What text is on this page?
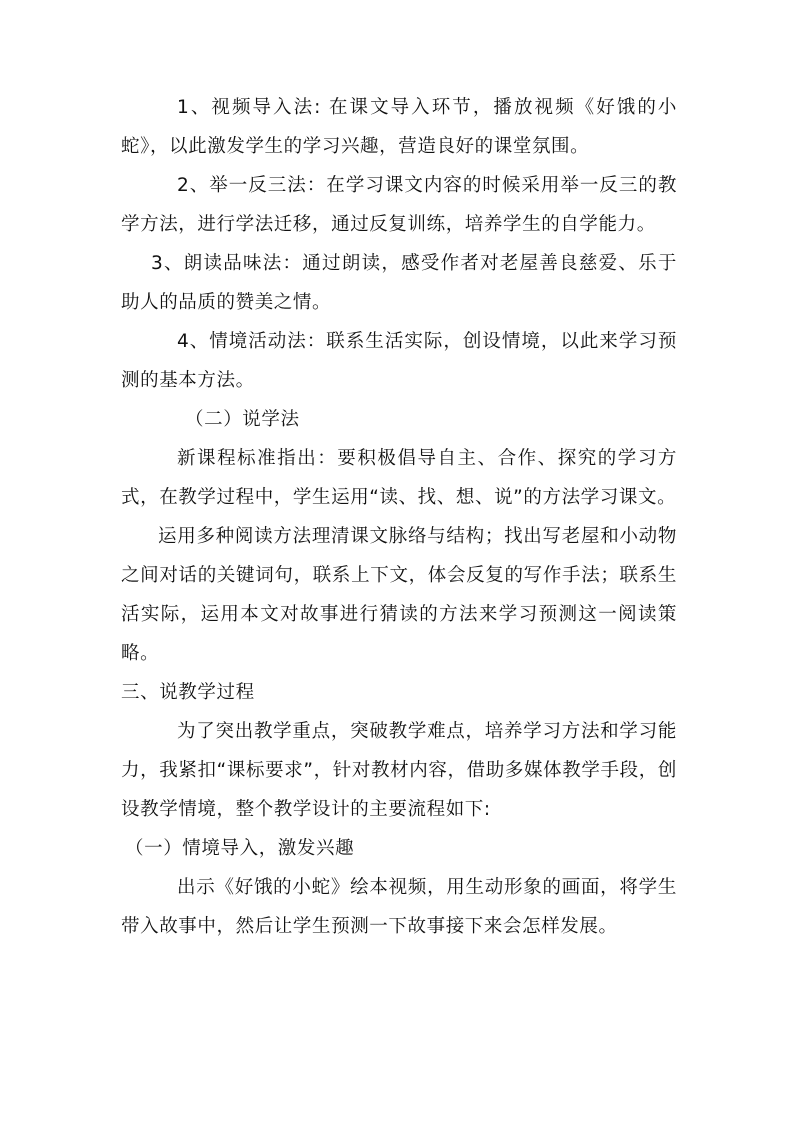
1、视频导入法: 在课文导入环节，播放视频《好饿的小蛇》，以此激发学生的学习兴趣，营造良好的课堂氛围。

2、举一反三法：在学习课文内容的时候采用举一反三的教学方法，进行学法迁移，通过反复训练，培养学生的自学能力。

3、朗读品味法：通过朗读，感受作者对老屋善良慈爱、乐于助人的品质的赞美之情。

4、情境活动法：联系生活实际，创设情境，以此来学习预测的基本方法。

（二）说学法

新课程标准指出：要积极倡导自主、合作、探究的学习方式，在教学过程中，学生运用“读、找、想、说”的方法学习课文。

运用多种阅读方法理清课文脉络与结构；找出写老屋和小动物之间对话的关键词句，联系上下文，体会反复的写作手法；联系生活实际，运用本文对故事进行猜读的方法来学习预测这一阅读策略。

三、说教学过程

为了突出教学重点，突破教学难点，培养学习方法和学习能力，我紧扣“课标要求”，针对教材内容，借助多媒体教学手段，创设教学情境，整个教学设计的主要流程如下:

（一）情境导入，激发兴趣

出示《好饿的小蛇》绘本视频，用生动形象的画面，将学生带入故事中，然后让学生预测一下故事接下来会怎样发展。
